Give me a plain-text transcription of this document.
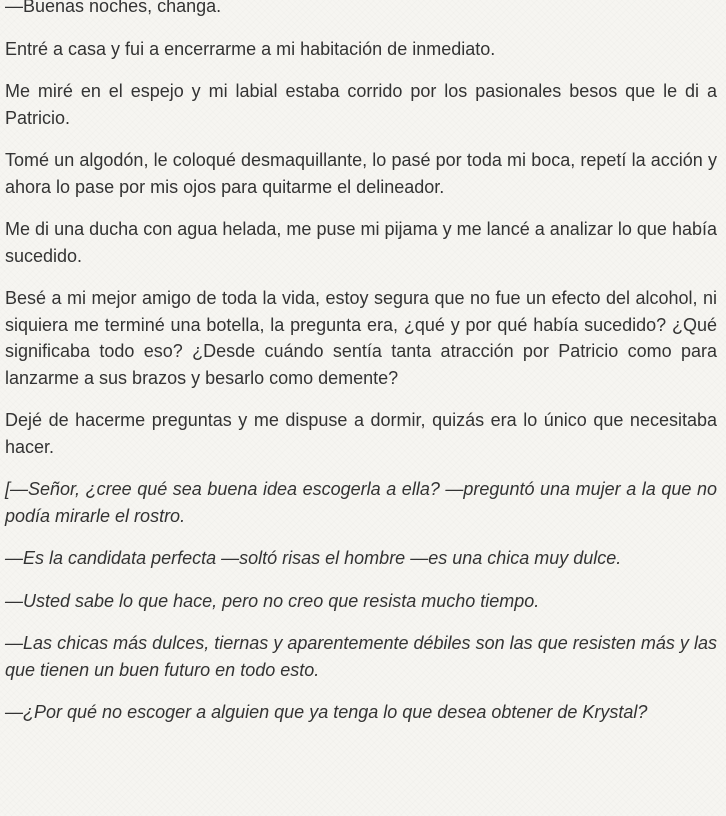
—Buenas noches, changa.

Entré a casa y fui a encerrarme a mi habitación de inmediato.

Me miré en el espejo y mi labial estaba corrido por los pasionales besos que le di a Patricio.

Tomé un algodón, le coloqué desmaquillante, lo pasé por toda mi boca, repetí la acción y ahora lo pase por mis ojos para quitarme el delineador.

Me di una ducha con agua helada, me puse mi pijama y me lancé a analizar lo que había sucedido.

Besé a mi mejor amigo de toda la vida, estoy segura que no fue un efecto del alcohol, ni siquiera me terminé una botella, la pregunta era, ¿qué y por qué había sucedido? ¿Qué significaba todo eso? ¿Desde cuándo sentía tanta atracción por Patricio como para lanzarme a sus brazos y besarlo como demente?

Dejé de hacerme preguntas y me dispuse a dormir, quizás era lo único que necesitaba hacer.

[—Señor, ¿cree qué sea buena idea escogerla a ella? —preguntó una mujer a la que no podía mirarle el rostro.

—Es la candidata perfecta —soltó risas el hombre —es una chica muy dulce.

—Usted sabe lo que hace, pero no creo que resista mucho tiempo.

—Las chicas más dulces, tiernas y aparentemente débiles son las que resisten más y las que tienen un buen futuro en todo esto.

—¿Por qué no escoger a alguien que ya tenga lo que desea obtener de Krystal?
